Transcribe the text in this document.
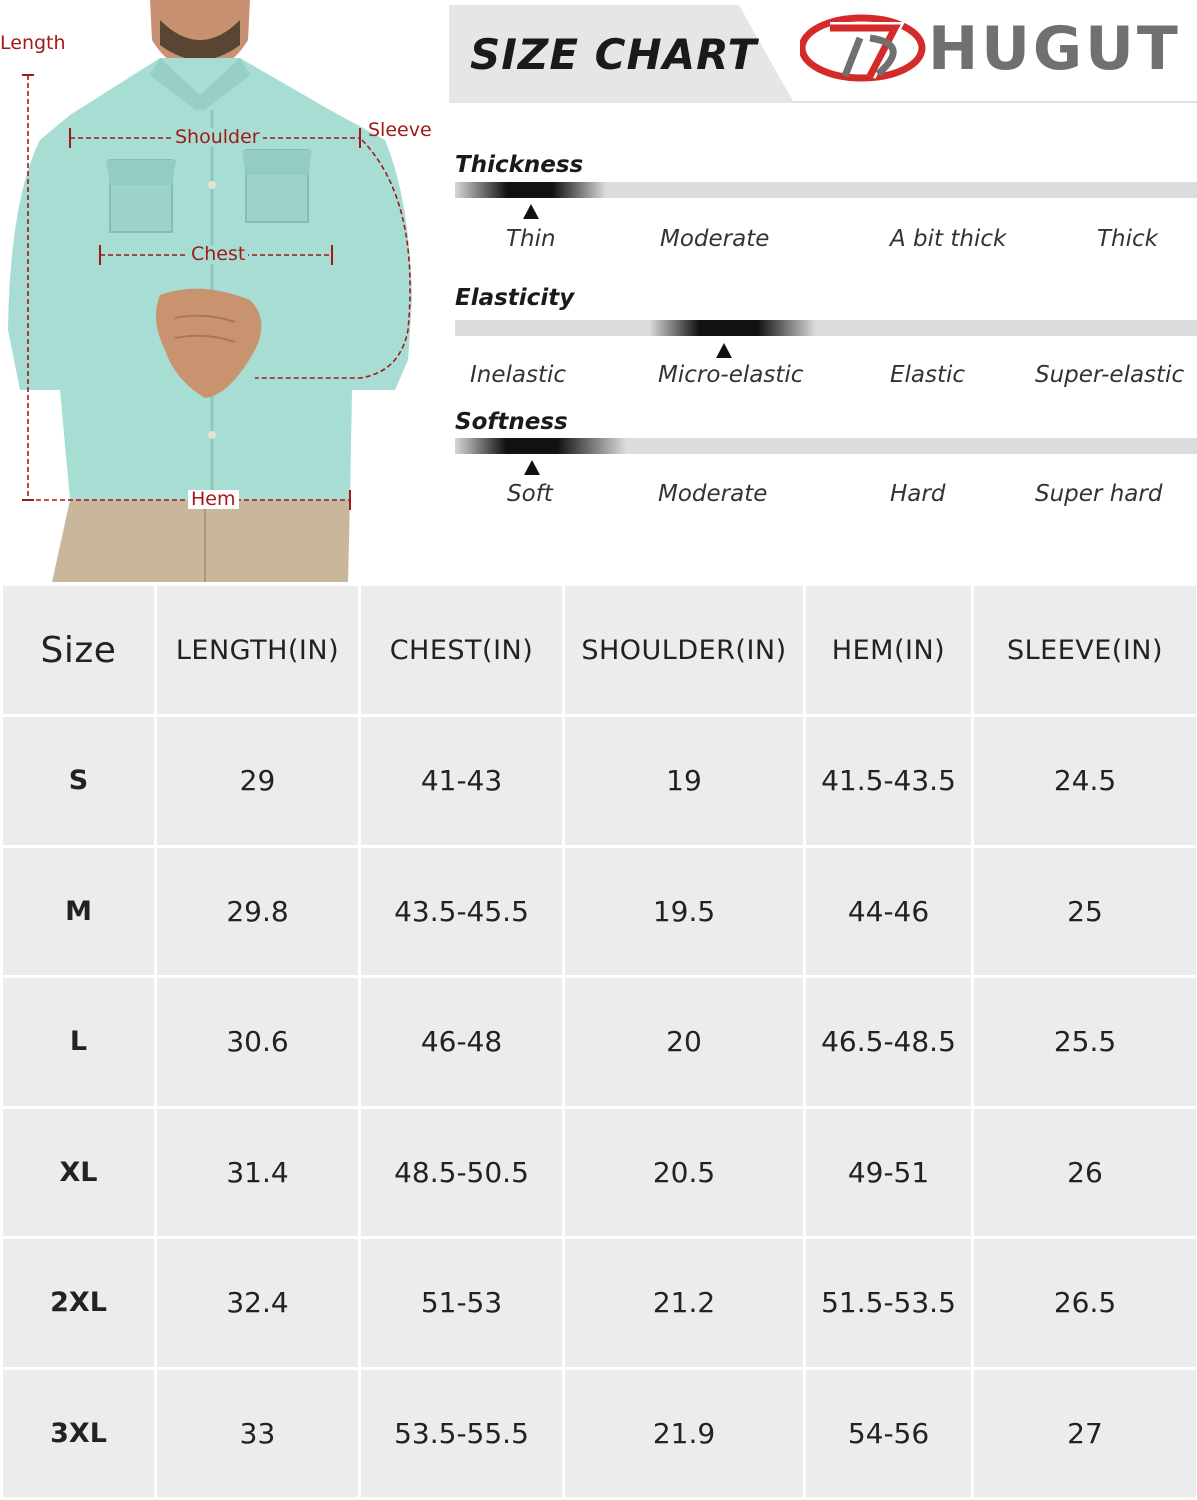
Length
Shoulder	Sleeve
Chest
Hem
SIZE CHART	HUGUT
Thickness
Thin	Moderate	A bit thick	Thick
Elasticity
Inelastic	Micro-elastic	Elastic	Super-elastic
Softness
Soft	Moderate	Hard	Super hard
Size	LENGTH(IN)	CHEST(IN)	SHOULDER(IN)	HEM(IN)	SLEEVE(IN)
S	29	41-43	19	41.5-43.5	24.5
M	29.8	43.5-45.5	19.5	44-46	25
L	30.6	46-48	20	46.5-48.5	25.5
XL	31.4	48.5-50.5	20.5	49-51	26
2XL	32.4	51-53	21.2	51.5-53.5	26.5
3XL	33	53.5-55.5	21.9	54-56	27
